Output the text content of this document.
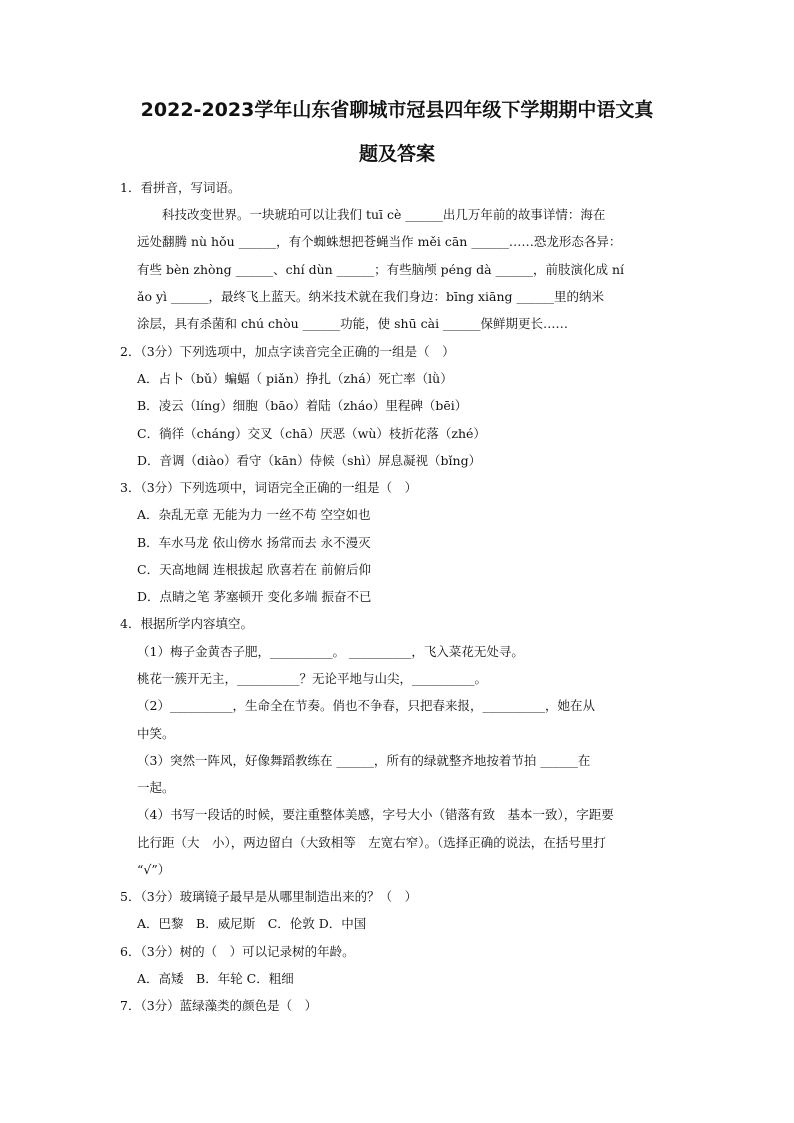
2022-2023学年山东省聊城市冠县四年级下学期期中语文真
题及答案
1．看拼音，写词语。
科技改变世界。一块琥珀可以让我们 tuī cè ______出几万年前的故事详情：海在
远处翻腾 nù hǒu ______，有个蜘蛛想把苍蝇当作 měi cān ______……恐龙形态各异：
有些 bèn zhòng ______、chí dùn ______；有些脑颅 péng dà ______，前肢演化成 ní
ǎo yì ______，最终飞上蓝天。纳米技术就在我们身边：bīng xiāng ______里的纳米
涂层，具有杀菌和 chú chòu ______功能，使 shū cài ______保鲜期更长……
2．（3分）下列选项中，加点字读音完全正确的一组是（　）
A．占卜（bǔ）蝙蝠（ piǎn）挣扎（zhá）死亡率（lǜ）
B．凌云（líng）细胞（bāo）着陆（zháo）里程碑（bēi）
C．徜徉（cháng）交叉（chā）厌恶（wù）枝折花落（zhé）
D．音调（diào）看守（kān）侍候（shì）屏息凝视（bǐng）
3．（3分）下列选项中，词语完全正确的一组是（　）
A．杂乱无章 无能为力 一丝不苟 空空如也
B．车水马龙 依山傍水 扬常而去 永不漫灭
C．天高地阔 连根拔起 欣喜若在 前俯后仰
D．点睛之笔 茅塞顿开 变化多端 振奋不已
4．根据所学内容填空。
（1）梅子金黄杏子肥，__________。 __________，飞入菜花无处寻。
桃花一簇开无主，__________？无论平地与山尖，__________。
（2）__________，生命全在节奏。俏也不争春，只把春来报，__________，她在从
中笑。
（3）突然一阵风，好像舞蹈教练在 ______，所有的绿就整齐地按着节拍 ______在
一起。
（4）书写一段话的时候，要注重整体美感，字号大小（错落有致　基本一致），字距要
比行距（大　小），两边留白（大致相等　左宽右窄）。（选择正确的说法，在括号里打
“√”）
5．（3分）玻璃镜子最早是从哪里制造出来的？（　）
A．巴黎　B．威尼斯　C．伦敦 D．中国
6．（3分）树的（　）可以记录树的年龄。
A．高矮　B．年轮 C．粗细
7．（3分）蓝绿藻类的颜色是（　）
